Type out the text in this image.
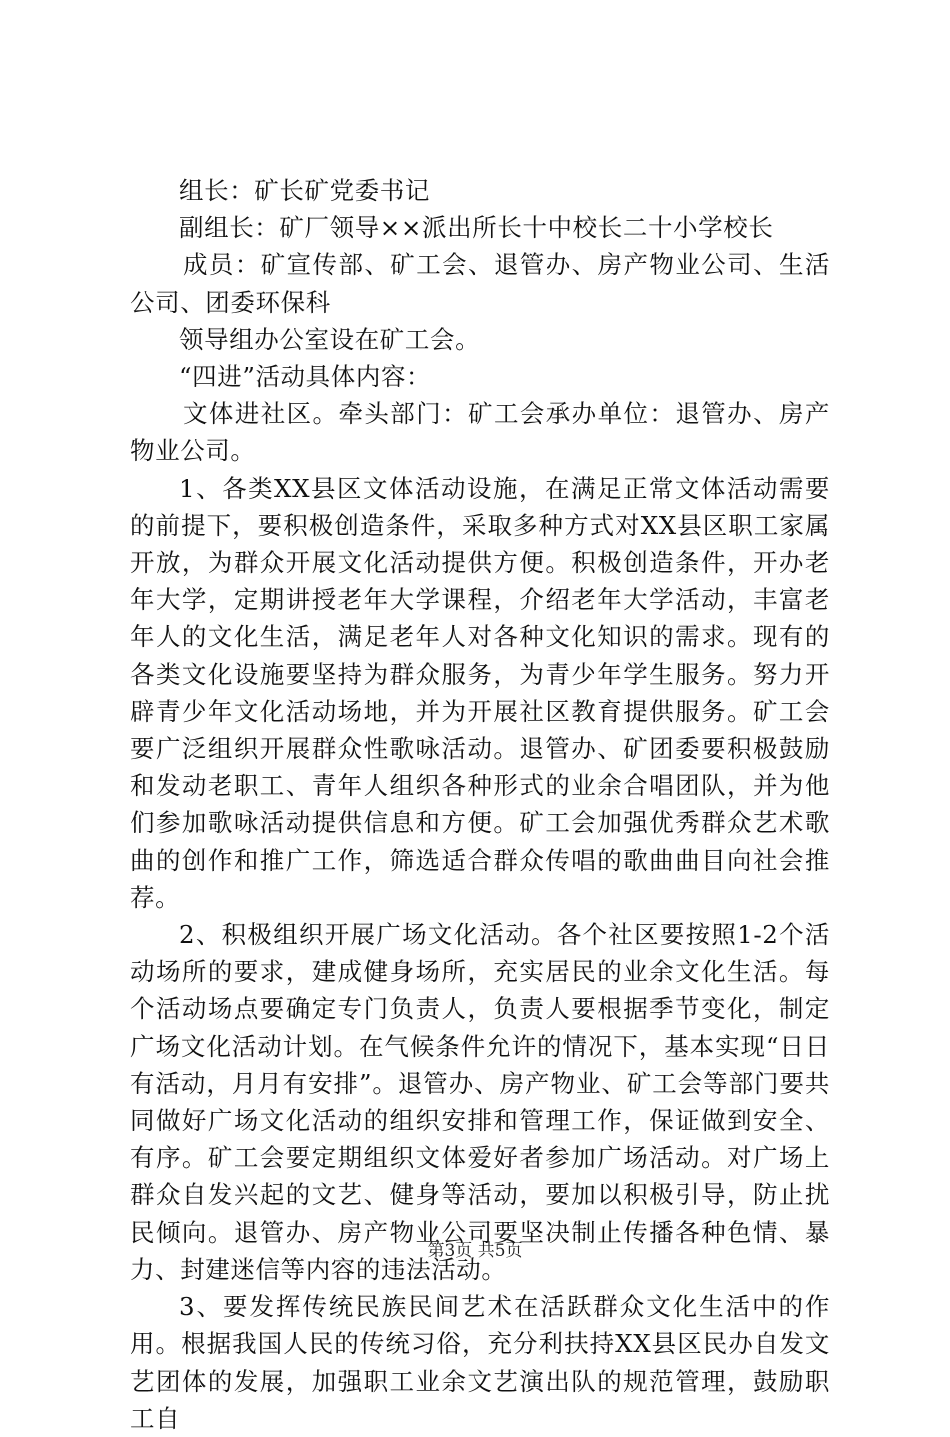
组长：矿长矿党委书记

副组长：矿厂领导××派出所长十中校长二十小学校长

成员：矿宣传部、矿工会、退管办、房产物业公司、生活公司、团委环保科

领导组办公室设在矿工会。

“四进”活动具体内容：

文体进社区。牵头部门：矿工会承办单位：退管办、房产物业公司。

1、各类XX县区文体活动设施，在满足正常文体活动需要的前提下，要积极创造条件，采取多种方式对XX县区职工家属开放，为群众开展文化活动提供方便。积极创造条件，开办老年大学，定期讲授老年大学课程，介绍老年大学活动，丰富老年人的文化生活，满足老年人对各种文化知识的需求。现有的各类文化设施要坚持为群众服务，为青少年学生服务。努力开辟青少年文化活动场地，并为开展社区教育提供服务。矿工会要广泛组织开展群众性歌咏活动。退管办、矿团委要积极鼓励和发动老职工、青年人组织各种形式的业余合唱团队，并为他们参加歌咏活动提供信息和方便。矿工会加强优秀群众艺术歌曲的创作和推广工作，筛选适合群众传唱的歌曲曲目向社会推荐。

2、积极组织开展广场文化活动。各个社区要按照1-2个活动场所的要求，建成健身场所，充实居民的业余文化生活。每个活动场点要确定专门负责人，负责人要根据季节变化，制定广场文化活动计划。在气候条件允许的情况下，基本实现“日日有活动，月月有安排”。退管办、房产物业、矿工会等部门要共同做好广场文化活动的组织安排和管理工作，保证做到安全、有序。矿工会要定期组织文体爱好者参加广场活动。对广场上群众自发兴起的文艺、健身等活动，要加以积极引导，防止扰民倾向。退管办、房产物业公司要坚决制止传播各种色情、暴力、封建迷信等内容的违法活动。

3、要发挥传统民族民间艺术在活跃群众文化生活中的作用。根据我国人民的传统习俗，充分利扶持XX县区民办自发文艺团体的发展，加强职工业余文艺演出队的规范管理，鼓励职工自

第3页 共5页
